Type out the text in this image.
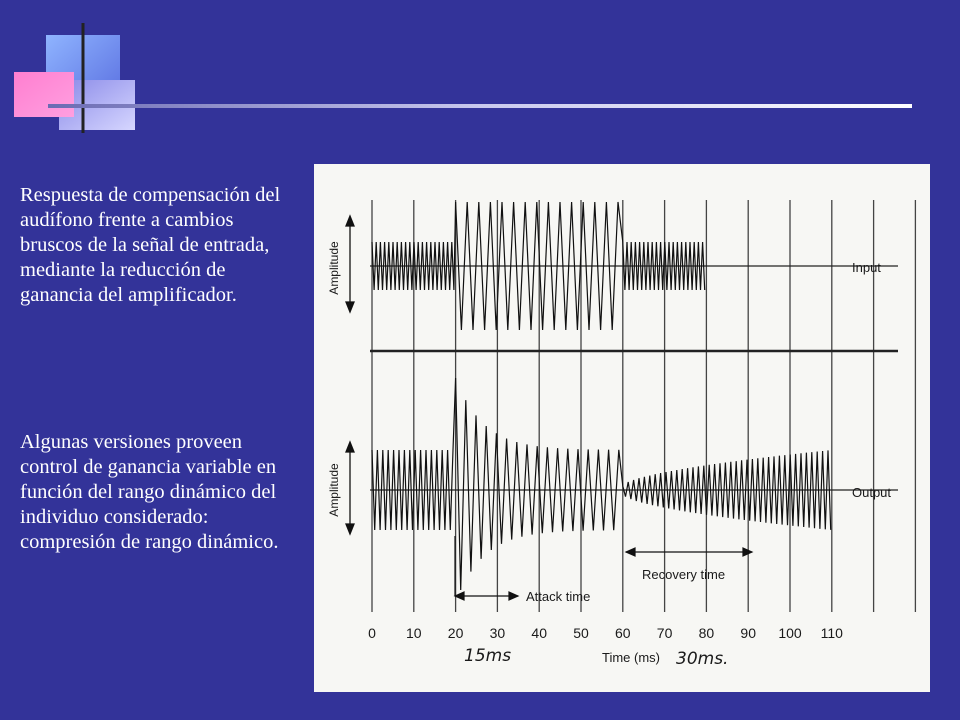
Respuesta de compensación del audífono frente a cambios bruscos de la señal de entrada, mediante la reducción de ganancia del amplificador.

Algunas versiones proveen control de ganancia variable en función del rango dinámico del individuo considerado: compresión de rango dinámico.

Amplitude
Amplitude
Input
Output
Attack time
Recovery time
0 10 20 30 40 50 60 70 80 90 100 110
Time (ms)
15ms	30ms.
